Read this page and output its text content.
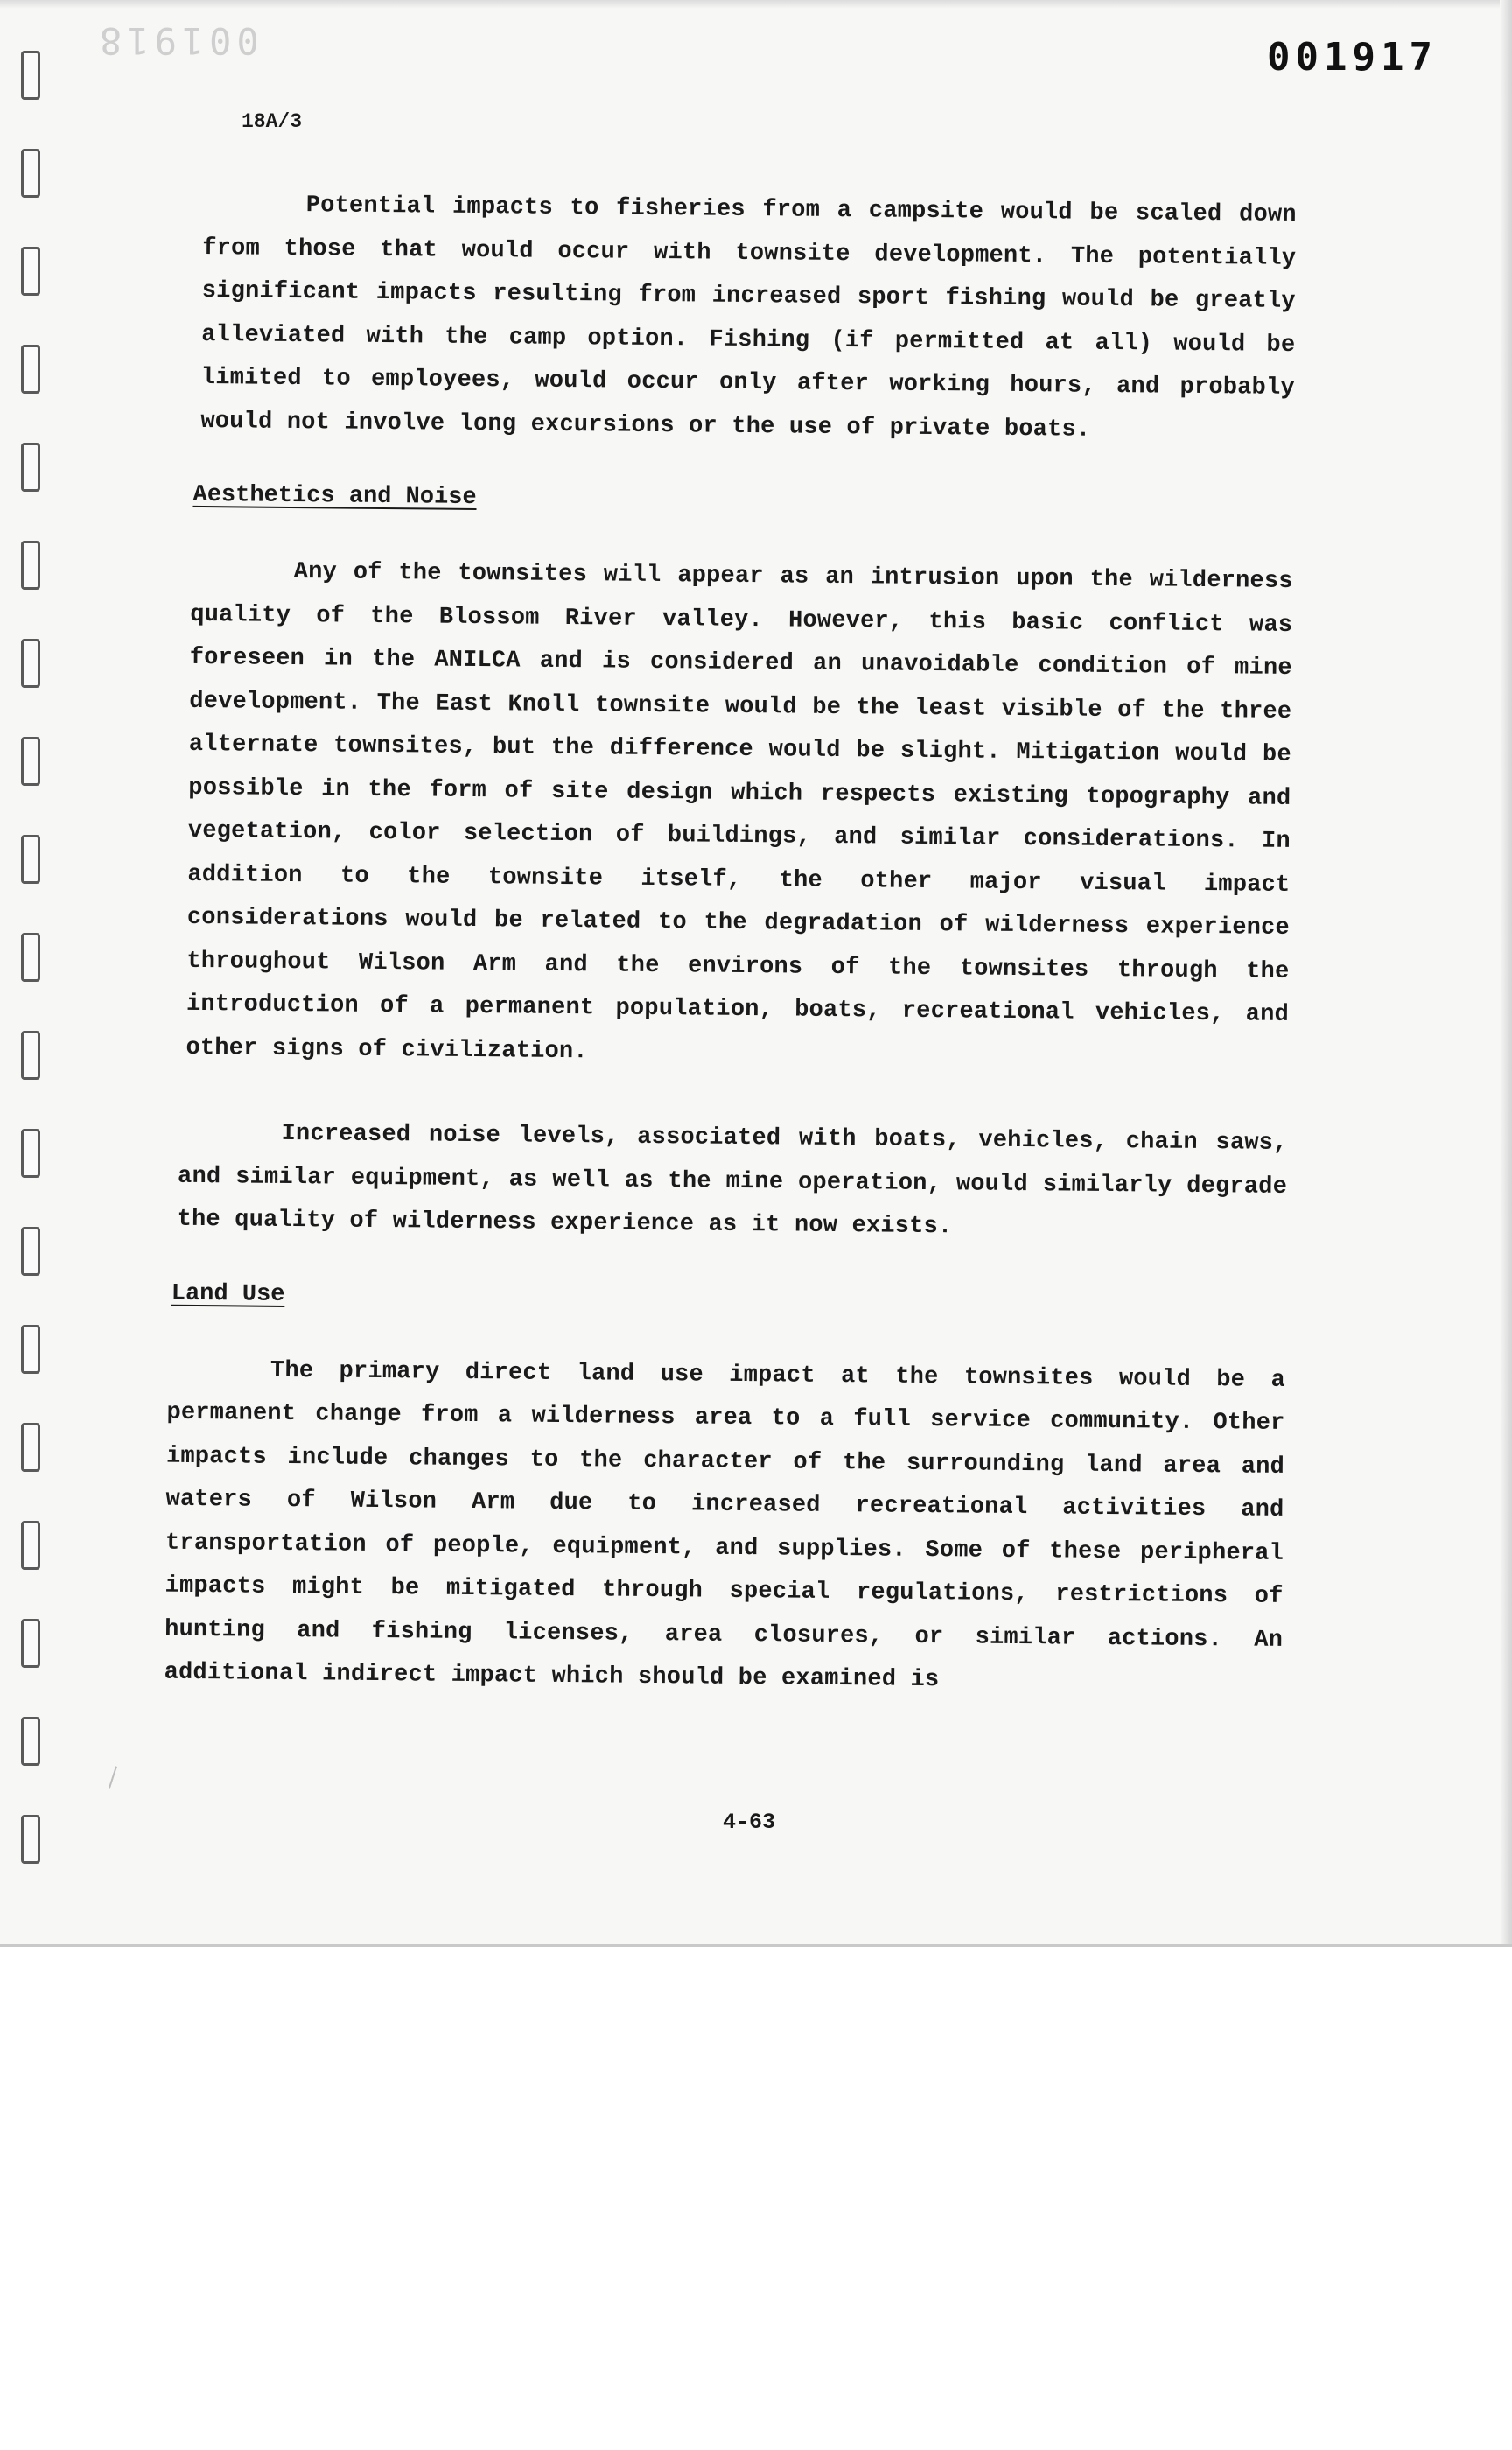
001918	001917
18A/3

Potential impacts to fisheries from a campsite would be scaled down from those that would occur with townsite development. The potentially significant impacts resulting from increased sport fishing would be greatly alleviated with the camp option. Fishing (if permitted at all) would be limited to employees, would occur only after working hours, and probably would not involve long excursions or the use of private boats.

Aesthetics and Noise

Any of the townsites will appear as an intrusion upon the wilderness quality of the Blossom River valley. However, this basic conflict was foreseen in the ANILCA and is considered an unavoidable condition of mine development. The East Knoll townsite would be the least visible of the three alternate townsites, but the difference would be slight. Mitigation would be possible in the form of site design which respects existing topography and vegetation, color selection of buildings, and similar considerations. In addition to the townsite itself, the other major visual impact considerations would be related to the degradation of wilderness experience throughout Wilson Arm and the environs of the townsites through the introduction of a permanent population, boats, recreational vehicles, and other signs of civilization.

Increased noise levels, associated with boats, vehicles, chain saws, and similar equipment, as well as the mine operation, would similarly degrade the quality of wilderness experience as it now exists.

Land Use

The primary direct land use impact at the townsites would be a permanent change from a wilderness area to a full service community. Other impacts include changes to the character of the surrounding land area and waters of Wilson Arm due to increased recreational activities and transportation of people, equipment, and supplies. Some of these peripheral impacts might be mitigated through special regulations, restrictions of hunting and fishing licenses, area closures, or similar actions. An additional indirect impact which should be examined is

4-63
